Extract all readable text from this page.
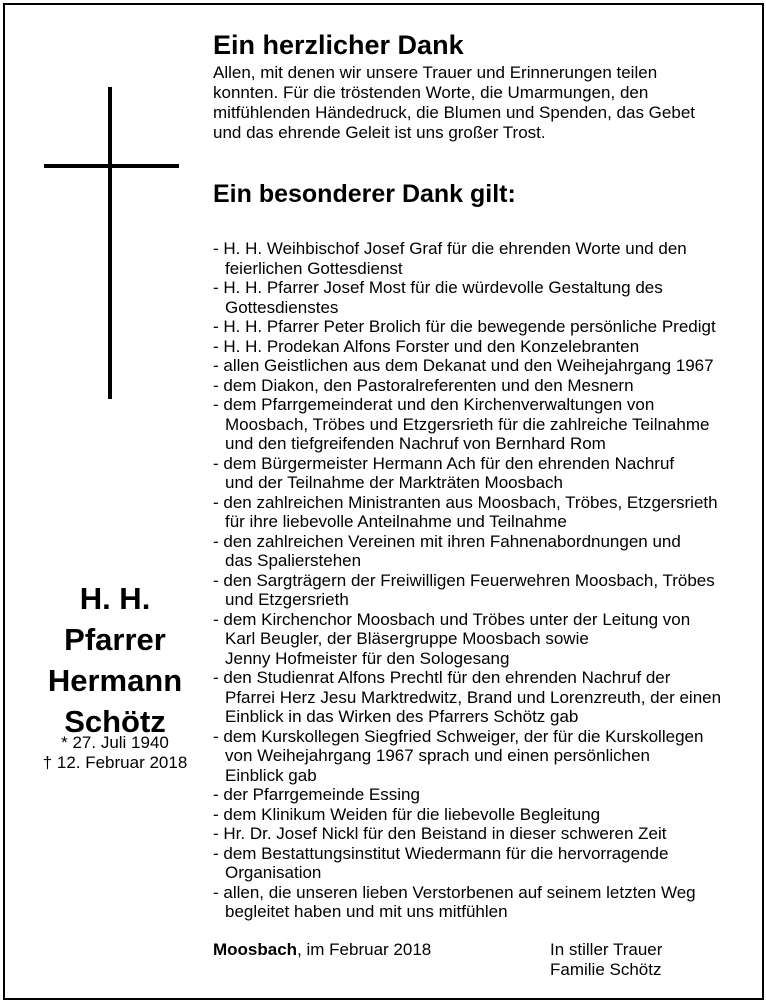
H. H.
Pfarrer
Hermann
Schötz
* 27. Juli 1940
† 12. Februar 2018
Ein herzlicher Dank
Allen, mit denen wir unsere Trauer und Erinnerungen teilen
konnten. Für die tröstenden Worte, die Umarmungen, den
mitfühlenden Händedruck, die Blumen und Spenden, das Gebet
und das ehrende Geleit ist uns großer Trost.
Ein besonderer Dank gilt:
- H. H. Weihbischof Josef Graf für die ehrenden Worte und den
feierlichen Gottesdienst
- H. H. Pfarrer Josef Most für die würdevolle Gestaltung des
Gottesdienstes
- H. H. Pfarrer Peter Brolich für die bewegende persönliche Predigt
- H. H. Prodekan Alfons Forster und den Konzelebranten
- allen Geistlichen aus dem Dekanat und den Weihejahrgang 1967
- dem Diakon, den Pastoralreferenten und den Mesnern
- dem Pfarrgemeinderat und den Kirchenverwaltungen von
Moosbach, Tröbes und Etzgersrieth für die zahlreiche Teilnahme
und den tiefgreifenden Nachruf von Bernhard Rom
- dem Bürgermeister Hermann Ach für den ehrenden Nachruf
und der Teilnahme der Markträten Moosbach
- den zahlreichen Ministranten aus Moosbach, Tröbes, Etzgersrieth
für ihre liebevolle Anteilnahme und Teilnahme
- den zahlreichen Vereinen mit ihren Fahnenabordnungen und
das Spalierstehen
- den Sargträgern der Freiwilligen Feuerwehren Moosbach, Tröbes
und Etzgersrieth
- dem Kirchenchor Moosbach und Tröbes unter der Leitung von
Karl Beugler, der Bläsergruppe Moosbach sowie
Jenny Hofmeister für den Sologesang
- den Studienrat Alfons Prechtl für den ehrenden Nachruf der
Pfarrei Herz Jesu Marktredwitz, Brand und Lorenzreuth, der einen
Einblick in das Wirken des Pfarrers Schötz gab
- dem Kurskollegen Siegfried Schweiger, der für die Kurskollegen
von Weihejahrgang 1967 sprach und einen persönlichen
Einblick gab
- der Pfarrgemeinde Essing
- dem Klinikum Weiden für die liebevolle Begleitung
- Hr. Dr. Josef Nickl für den Beistand in dieser schweren Zeit
- dem Bestattungsinstitut Wiedermann für die hervorragende
Organisation
- allen, die unseren lieben Verstorbenen auf seinem letzten Weg
begleitet haben und mit uns mitfühlen
Moosbach, im Februar 2018	In stiller Trauer
Familie Schötz
